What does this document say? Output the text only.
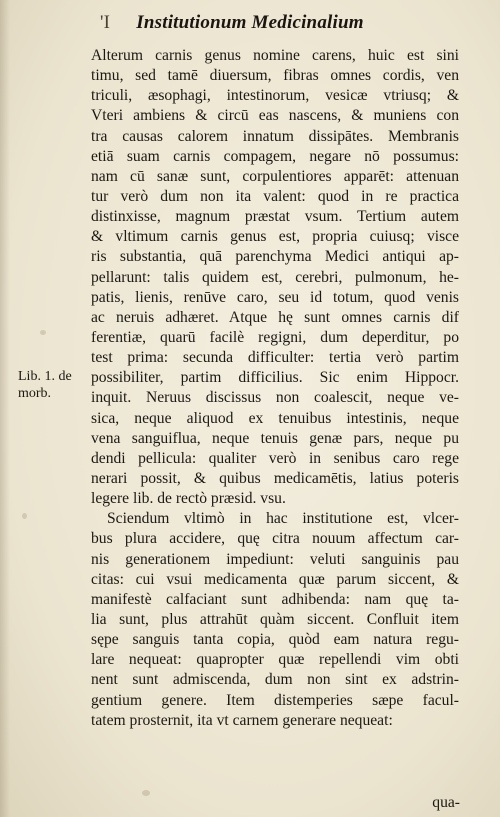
'I Institutionum Medicinalium
Alterum carnis genus nomine carens, huic est sini
timu, sed tamē diuersum, fibras omnes cordis, ven
triculi, æsophagi, intestinorum, vesicæ vtriusq; &
Vteri ambiens & circū eas nascens, & muniens con
tra causas calorem innatum dissipātes. Membranis
etiā suam carnis compagem, negare nō possumus:
nam cū sanæ sunt, corpulentiores apparēt: attenuan
tur verò dum non ita valent: quod in re practica
distinxisse, magnum præstat vsum. Tertium autem
& vltimum carnis genus est, propria cuiusq; visce
ris substantia, quā parenchyma Medici antiqui ap-
pellarunt: talis quidem est, cerebri, pulmonum, he-
patis, lienis, renūve caro, seu id totum, quod venis
ac neruis adhæret. Atque hę sunt omnes carnis dif
ferentiæ, quarū facilè regigni, dum deperditur, po
test prima: secunda difficulter: tertia verò partim
possibiliter, partim difficilius. Sic enim Hippocr.
inquit. Neruus discissus non coalescit, neque ve-
sica, neque aliquod ex tenuibus intestinis, neque
vena sanguiflua, neque tenuis genæ pars, neque pu
dendi pellicula: qualiter verò in senibus caro rege
nerari possit, & quibus medicamētis, latius poteris
legere lib. de rectò præsid. vsu.
Sciendum vltimò in hac institutione est, vlcer-
bus plura accidere, quę citra nouum affectum car-
nis generationem impediunt: veluti sanguinis pau
citas: cui vsui medicamenta quæ parum siccent, &
manifestè calfaciant sunt adhibenda: nam quę ta-
lia sunt, plus attrahūt quàm siccent. Confluit item
sępe sanguis tanta copia, quòd eam natura regu-
lare nequeat: quapropter quæ repellendi vim obti
nent sunt admiscenda, dum non sint ex adstrin-
gentium genere. Item distemperies sæpe facul-
tatem prosternit, ita vt carnem generare nequeat:
Lib. 1. de
morb.
qua-
